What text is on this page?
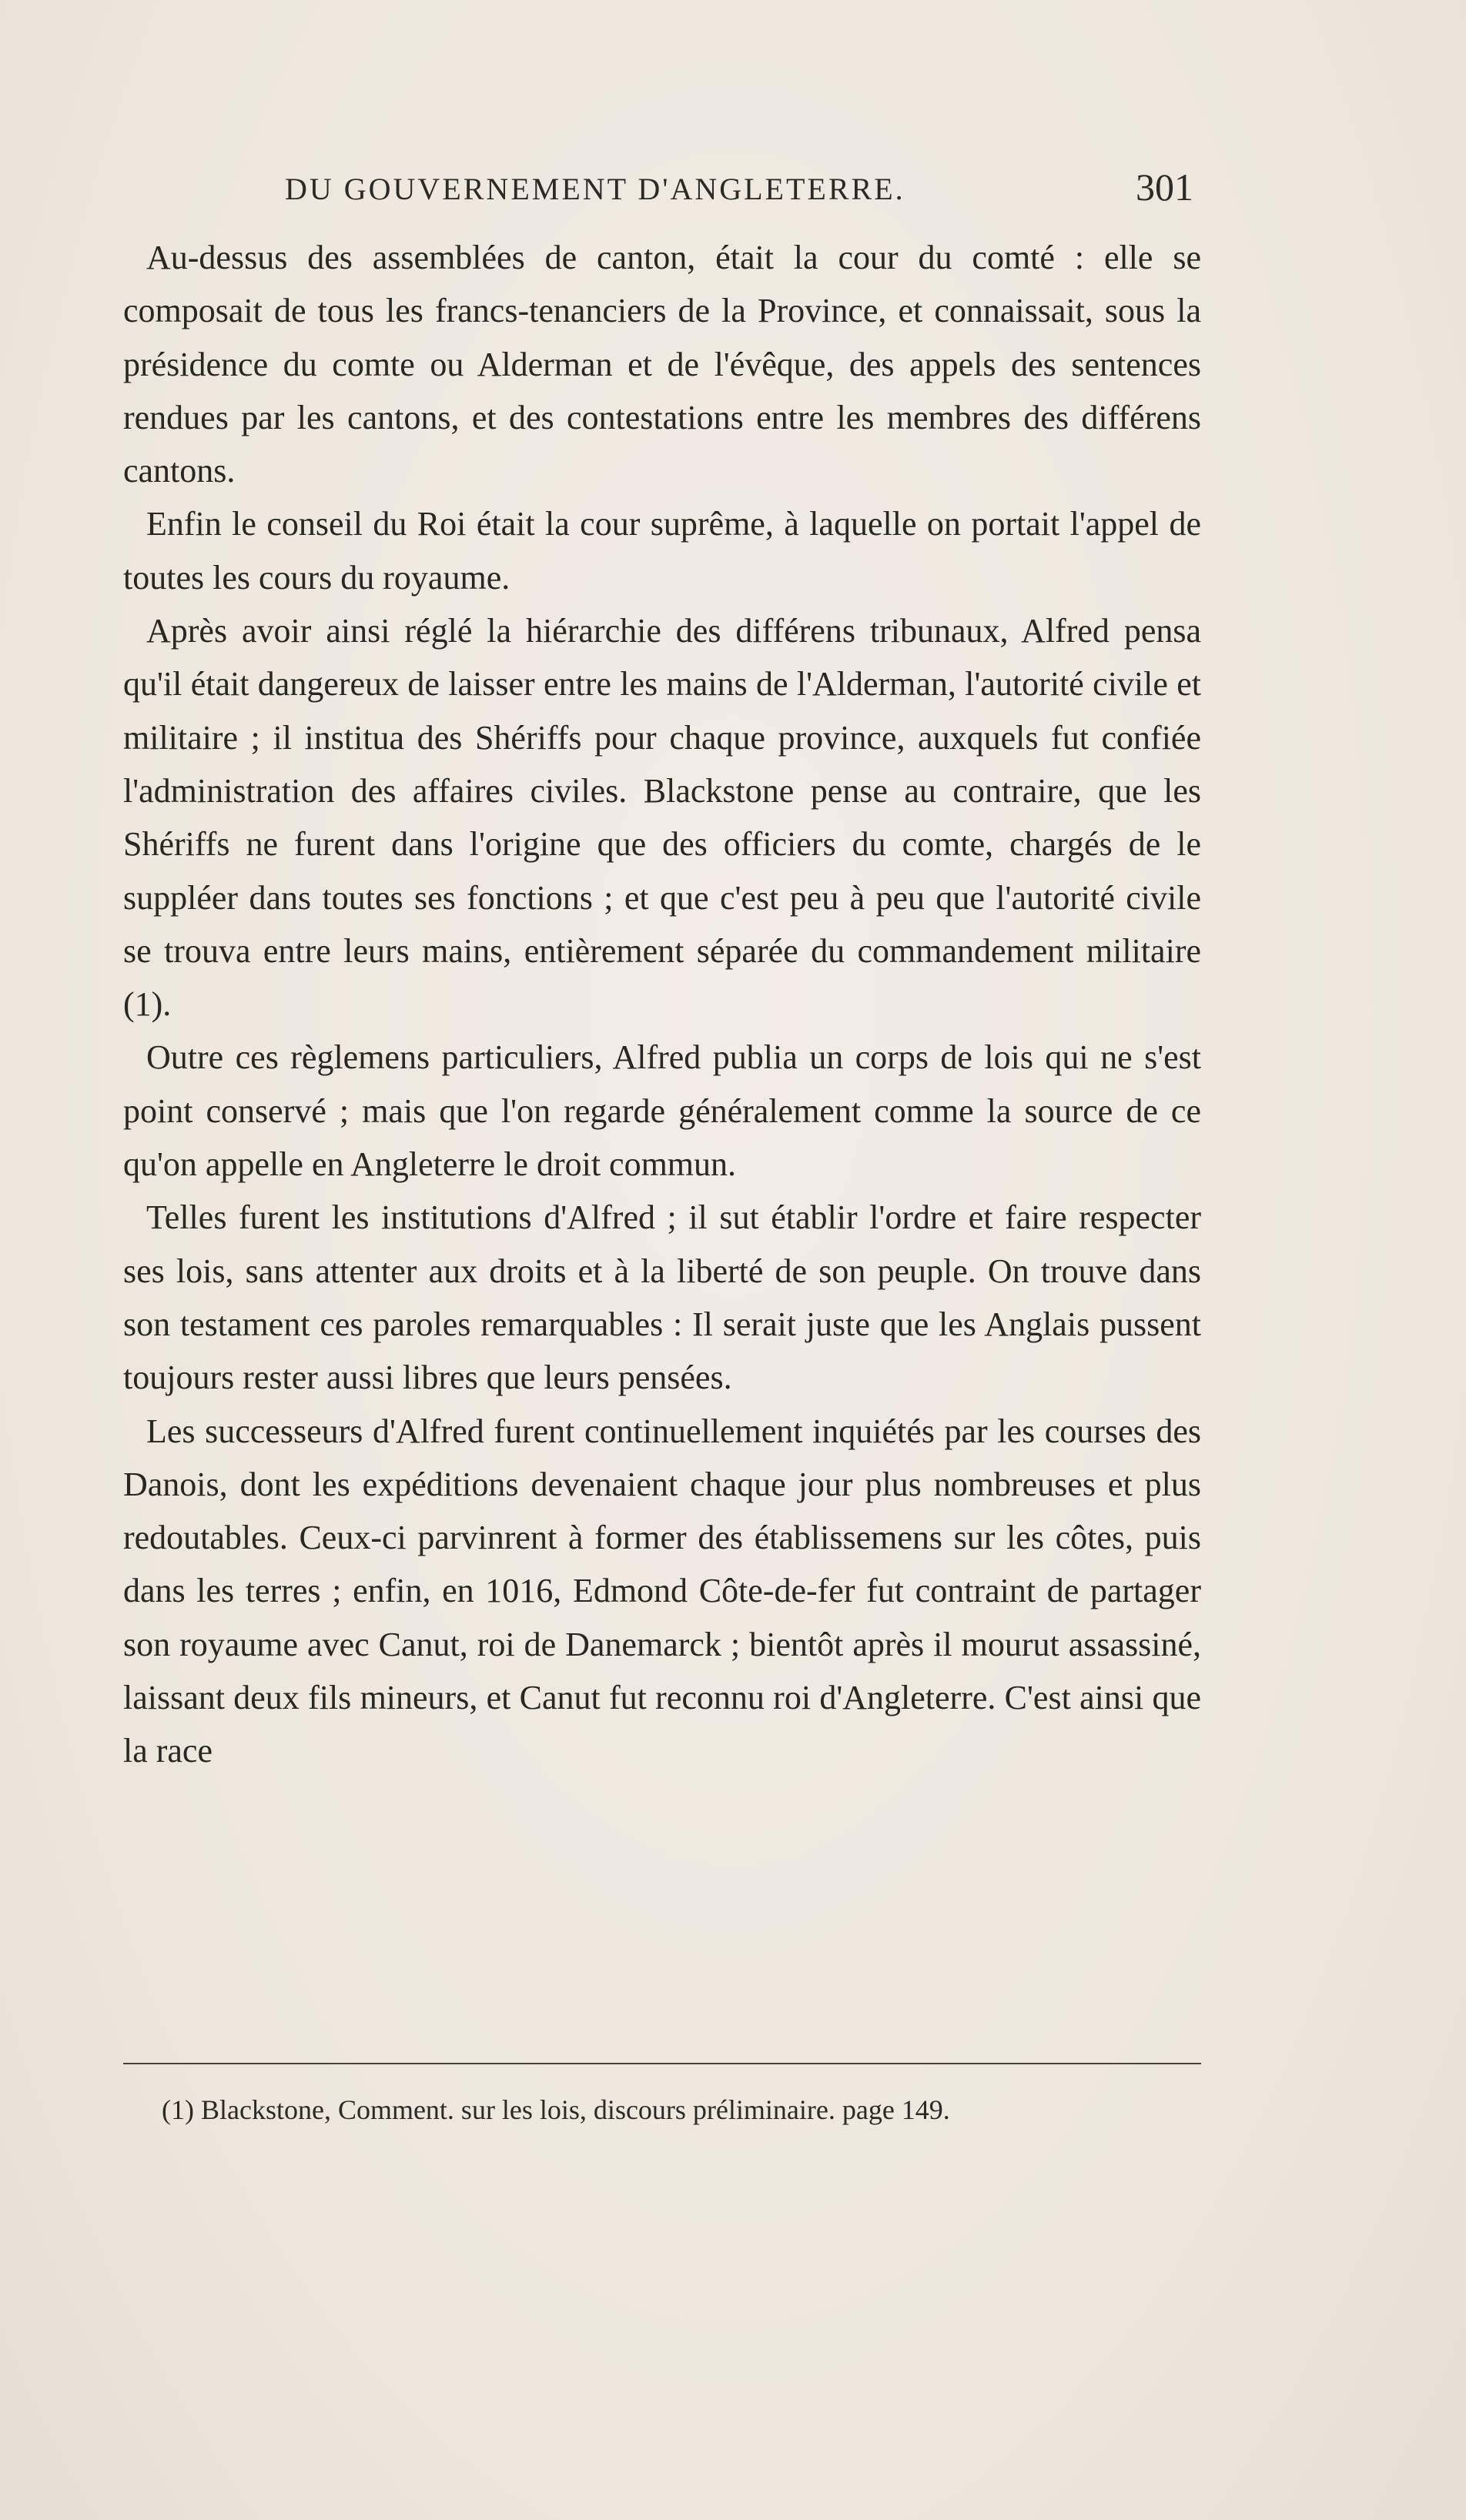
DU GOUVERNEMENT D'ANGLETERRE.	301

Au-dessus des assemblées de canton, était la cour du comté : elle se composait de tous les francs-tenanciers de la Province, et connaissait, sous la présidence du comte ou Alderman et de l'évêque, des appels des sentences rendues par les cantons, et des contestations entre les membres des différens cantons.

Enfin le conseil du Roi était la cour suprême, à laquelle on portait l'appel de toutes les cours du royaume.

Après avoir ainsi réglé la hiérarchie des différens tribunaux, Alfred pensa qu'il était dangereux de laisser entre les mains de l'Alderman, l'autorité civile et militaire ; il institua des Shériffs pour chaque province, auxquels fut confiée l'administration des affaires civiles. Blackstone pense au contraire, que les Shériffs ne furent dans l'origine que des officiers du comte, chargés de le suppléer dans toutes ses fonctions ; et que c'est peu à peu que l'autorité civile se trouva entre leurs mains, entièrement séparée du commandement militaire (1).

Outre ces règlemens particuliers, Alfred publia un corps de lois qui ne s'est point conservé ; mais que l'on regarde généralement comme la source de ce qu'on appelle en Angleterre le droit commun.

Telles furent les institutions d'Alfred ; il sut établir l'ordre et faire respecter ses lois, sans attenter aux droits et à la liberté de son peuple. On trouve dans son testament ces paroles remarquables : Il serait juste que les Anglais pussent toujours rester aussi libres que leurs pensées.

Les successeurs d'Alfred furent continuellement inquiétés par les courses des Danois, dont les expéditions devenaient chaque jour plus nombreuses et plus redoutables. Ceux-ci parvinrent à former des établissemens sur les côtes, puis dans les terres ; enfin, en 1016, Edmond Côte-de-fer fut contraint de partager son royaume avec Canut, roi de Danemarck ; bientôt après il mourut assassiné, laissant deux fils mineurs, et Canut fut reconnu roi d'Angleterre. C'est ainsi que la race

(1) Blackstone, Comment. sur les lois, discours préliminaire. page 149.
